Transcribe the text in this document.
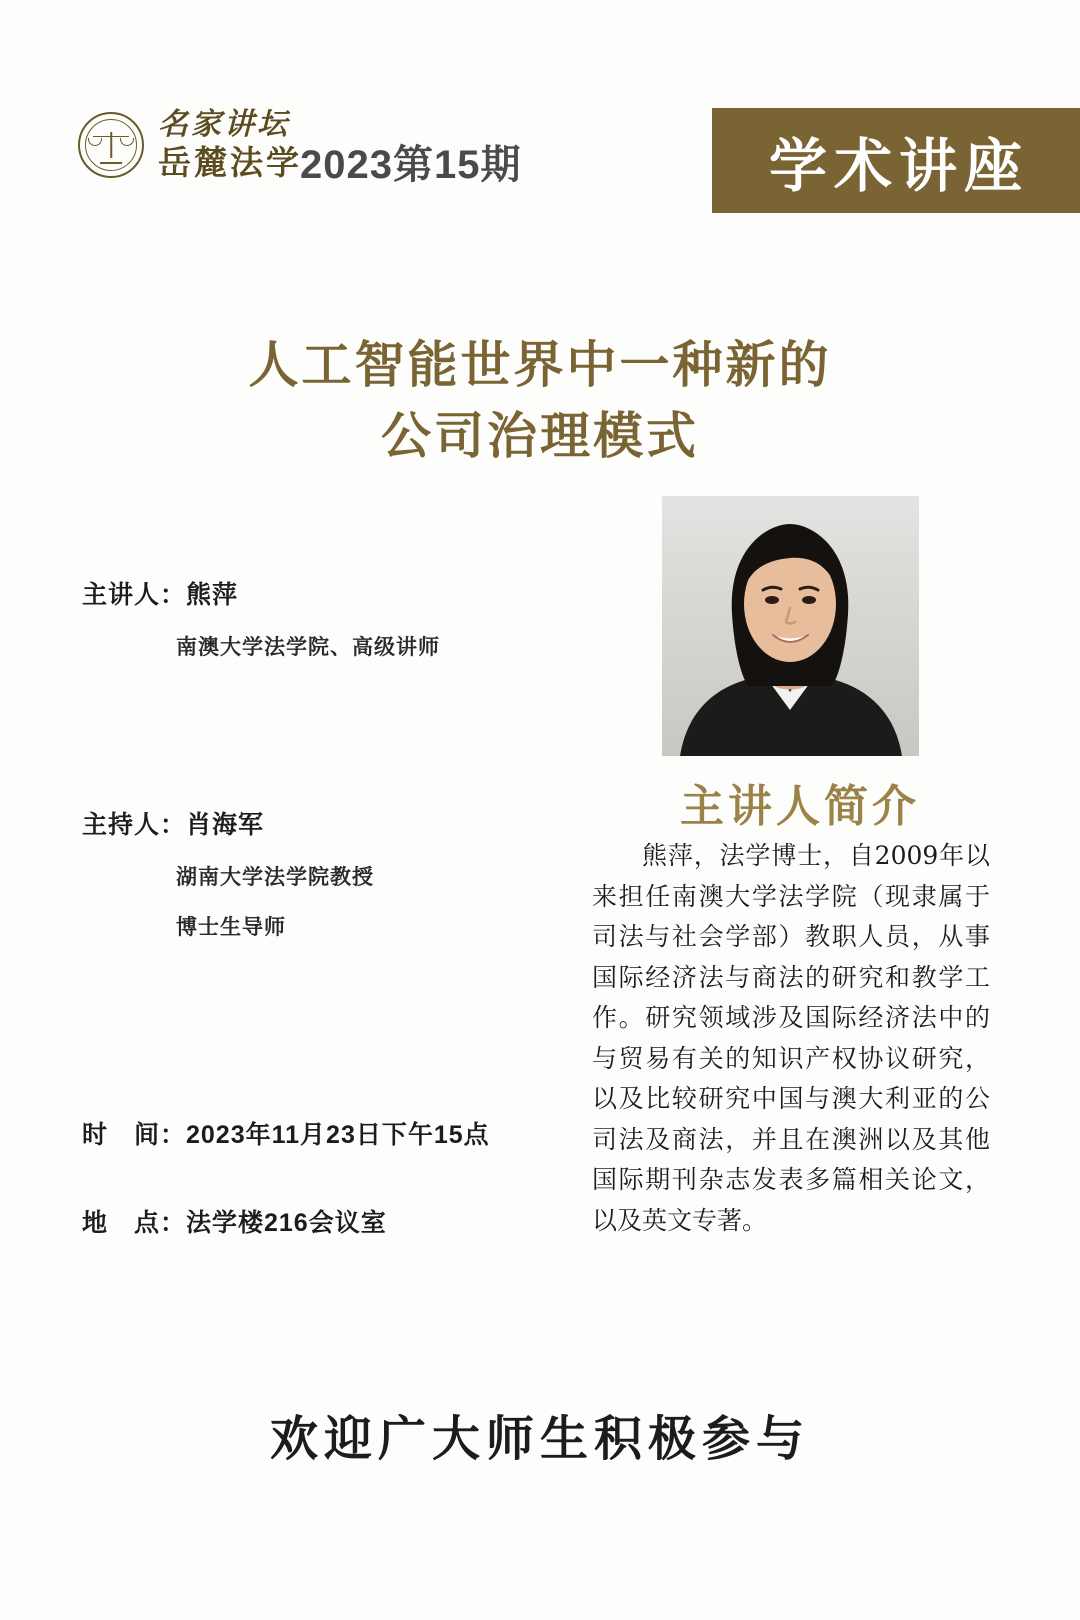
名家讲坛
岳麓法学
2023第15期	学术讲座
人工智能世界中一种新的
公司治理模式
主讲人：熊萍
南澳大学法学院、高级讲师
主持人：肖海军
湖南大学法学院教授
博士生导师
时　间：2023年11月23日下午15点
地　点：法学楼216会议室
主讲人简介
熊萍，法学博士，自2009年以来担任南澳大学法学院（现隶属于司法与社会学部）教职人员，从事国际经济法与商法的研究和教学工作。研究领域涉及国际经济法中的与贸易有关的知识产权协议研究，以及比较研究中国与澳大利亚的公司法及商法，并且在澳洲以及其他国际期刊杂志发表多篇相关论文，以及英文专著。
欢迎广大师生积极参与
